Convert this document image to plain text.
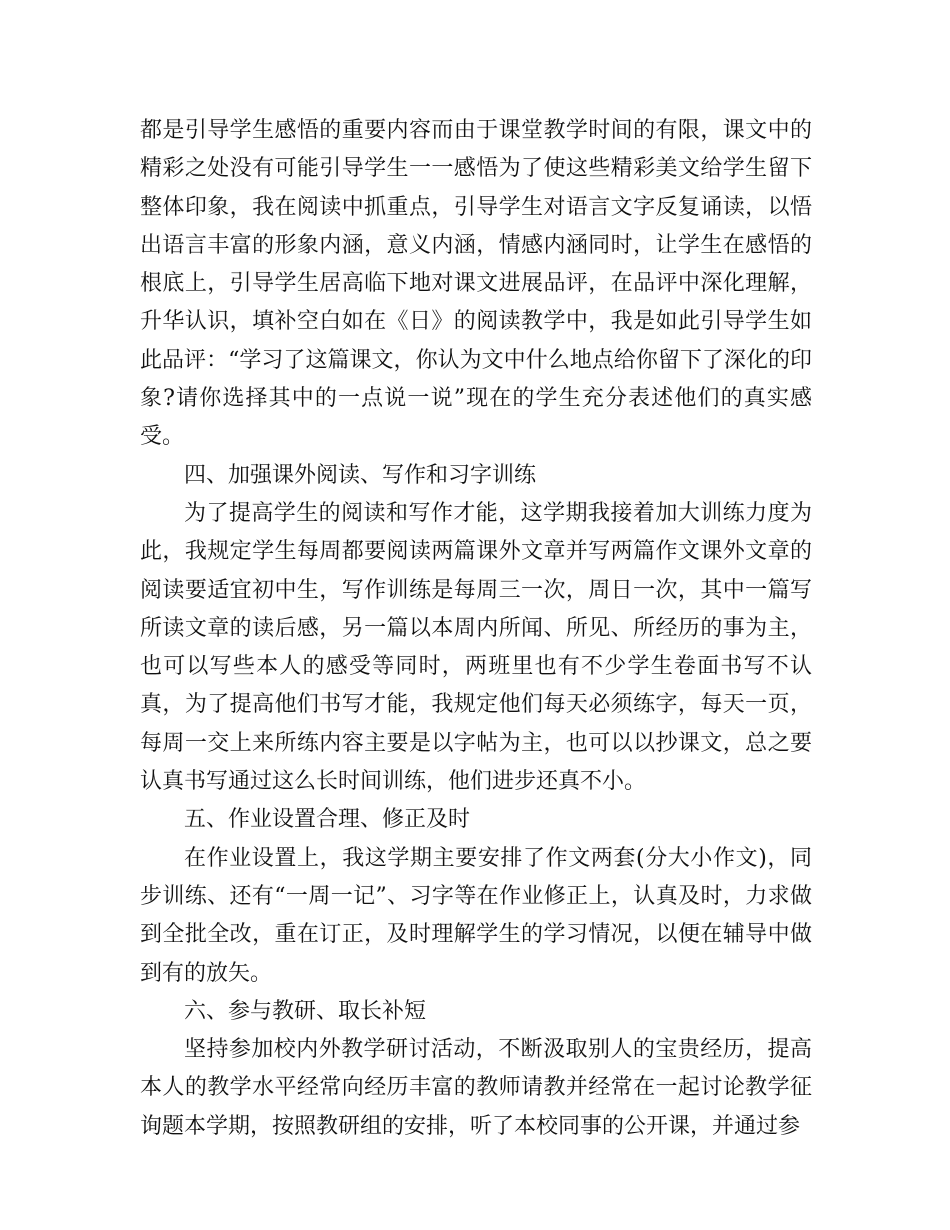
都是引导学生感悟的重要内容而由于课堂教学时间的有限，课文中的精彩之处没有可能引导学生一一感悟为了使这些精彩美文给学生留下整体印象，我在阅读中抓重点，引导学生对语言文字反复诵读，以悟出语言丰富的形象内涵，意义内涵，情感内涵同时，让学生在感悟的根底上，引导学生居高临下地对课文进展品评，在品评中深化理解，升华认识，填补空白如在《日》的阅读教学中，我是如此引导学生如此品评：“学习了这篇课文，你认为文中什么地点给你留下了深化的印象?请你选择其中的一点说一说”现在的学生充分表述他们的真实感受。

四、加强课外阅读、写作和习字训练

为了提高学生的阅读和写作才能，这学期我接着加大训练力度为此，我规定学生每周都要阅读两篇课外文章并写两篇作文课外文章的阅读要适宜初中生，写作训练是每周三一次，周日一次，其中一篇写所读文章的读后感，另一篇以本周内所闻、所见、所经历的事为主，也可以写些本人的感受等同时，两班里也有不少学生卷面书写不认真，为了提高他们书写才能，我规定他们每天必须练字，每天一页，每周一交上来所练内容主要是以字帖为主，也可以以抄课文，总之要认真书写通过这么长时间训练，他们进步还真不小。

五、作业设置合理、修正及时

在作业设置上，我这学期主要安排了作文两套(分大小作文)，同步训练、还有“一周一记”、习字等在作业修正上，认真及时，力求做到全批全改，重在订正，及时理解学生的学习情况，以便在辅导中做到有的放矢。

六、参与教研、取长补短

坚持参加校内外教学研讨活动，不断汲取别人的宝贵经历，提高本人的教学水平经常向经历丰富的教师请教并经常在一起讨论教学征询题本学期，按照教研组的安排，听了本校同事的公开课，并通过参
